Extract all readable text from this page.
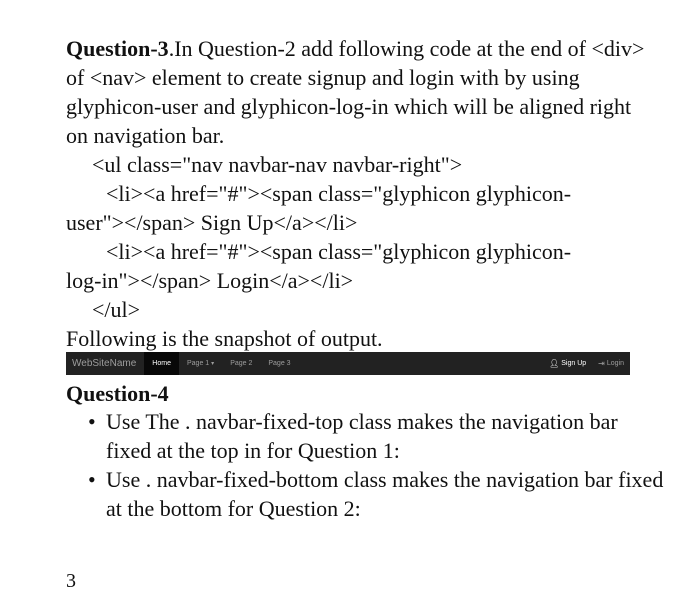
Question-3.In Question-2 add following code at the end of <div> of <nav> element to create signup and login with by using glyphicon-user and glyphicon-log-in which will be aligned right on navigation bar.

<ul class="nav navbar-nav navbar-right">

<li><a href="#"><span class="glyphicon glyphicon-

user"></span> Sign Up</a></li>

<li><a href="#"><span class="glyphicon glyphicon-

log-in"></span> Login</a></li>

</ul>

Following is the snapshot of output.

WebSiteName	Home Page 1 ▾ Page 2 Page 3	👤︎ Sign Up ⇥ Login

Question-4

• Use The . navbar-fixed-top class makes the navigation bar fixed at the top in for Question 1:
• Use . navbar-fixed-bottom class makes the navigation bar fixed at the bottom for Question 2:
3
